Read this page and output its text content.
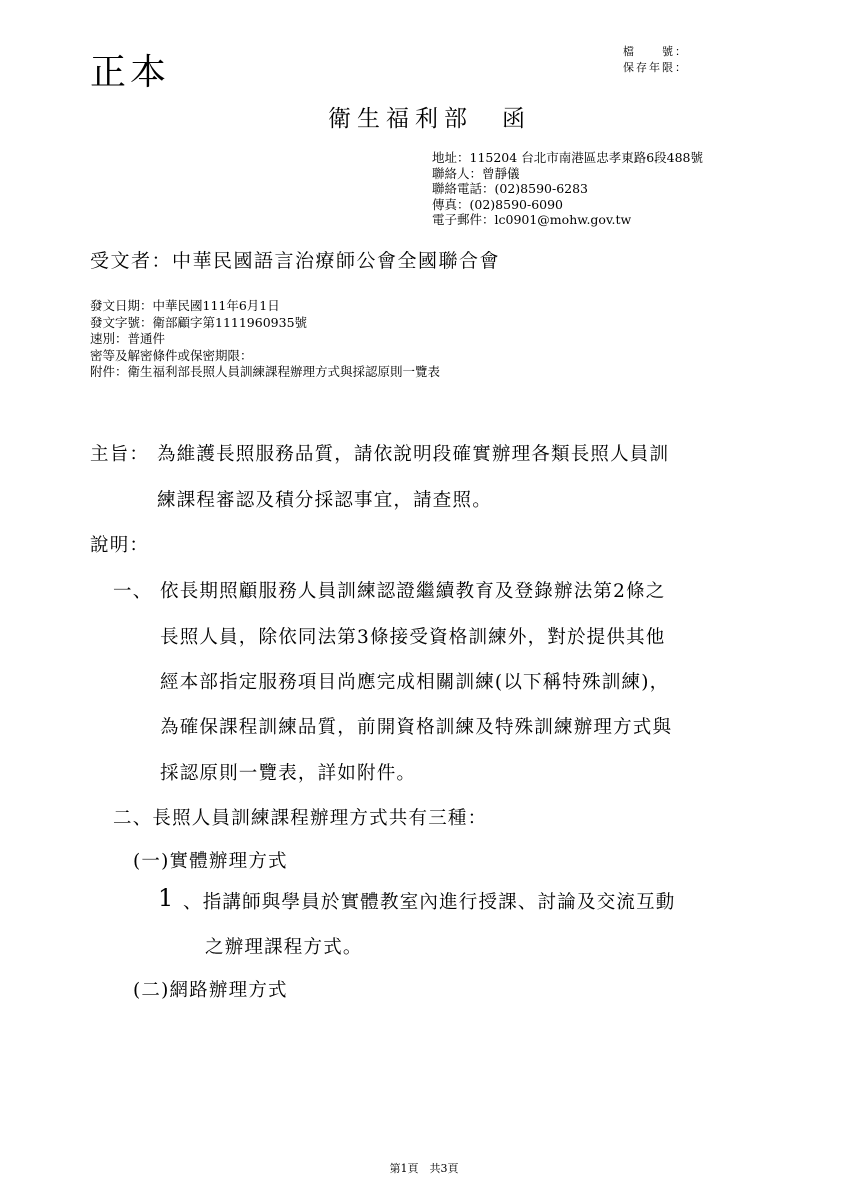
正本
檔　　號：
保存年限：
衛生福利部　函
地址：115204 台北市南港區忠孝東路6段488號
聯絡人：曾靜儀
聯絡電話：(02)8590-6283
傳真：(02)8590-6090
電子郵件：lc0901@mohw.gov.tw
受文者：中華民國語言治療師公會全國聯合會
發文日期：中華民國111年6月1日
發文字號：衛部顧字第1111960935號
速別：普通件
密等及解密條件或保密期限：
附件：衛生福利部長照人員訓練課程辦理方式與採認原則一覽表
主旨： 為維護長照服務品質，請依說明段確實辦理各類長照人員訓
練課程審認及積分採認事宜，請查照。
說明：
一、 依長期照顧服務人員訓練認證繼續教育及登錄辦法第2條之
長照人員，除依同法第3條接受資格訓練外，對於提供其他
經本部指定服務項目尚應完成相關訓練(以下稱特殊訓練)，
為確保課程訓練品質，前開資格訓練及特殊訓練辦理方式與
採認原則一覽表，詳如附件。
二、長照人員訓練課程辦理方式共有三種：
(一)實體辦理方式
1 、指講師與學員於實體教室內進行授課、討論及交流互動
之辦理課程方式。
(二)網路辦理方式
第1頁　共3頁
